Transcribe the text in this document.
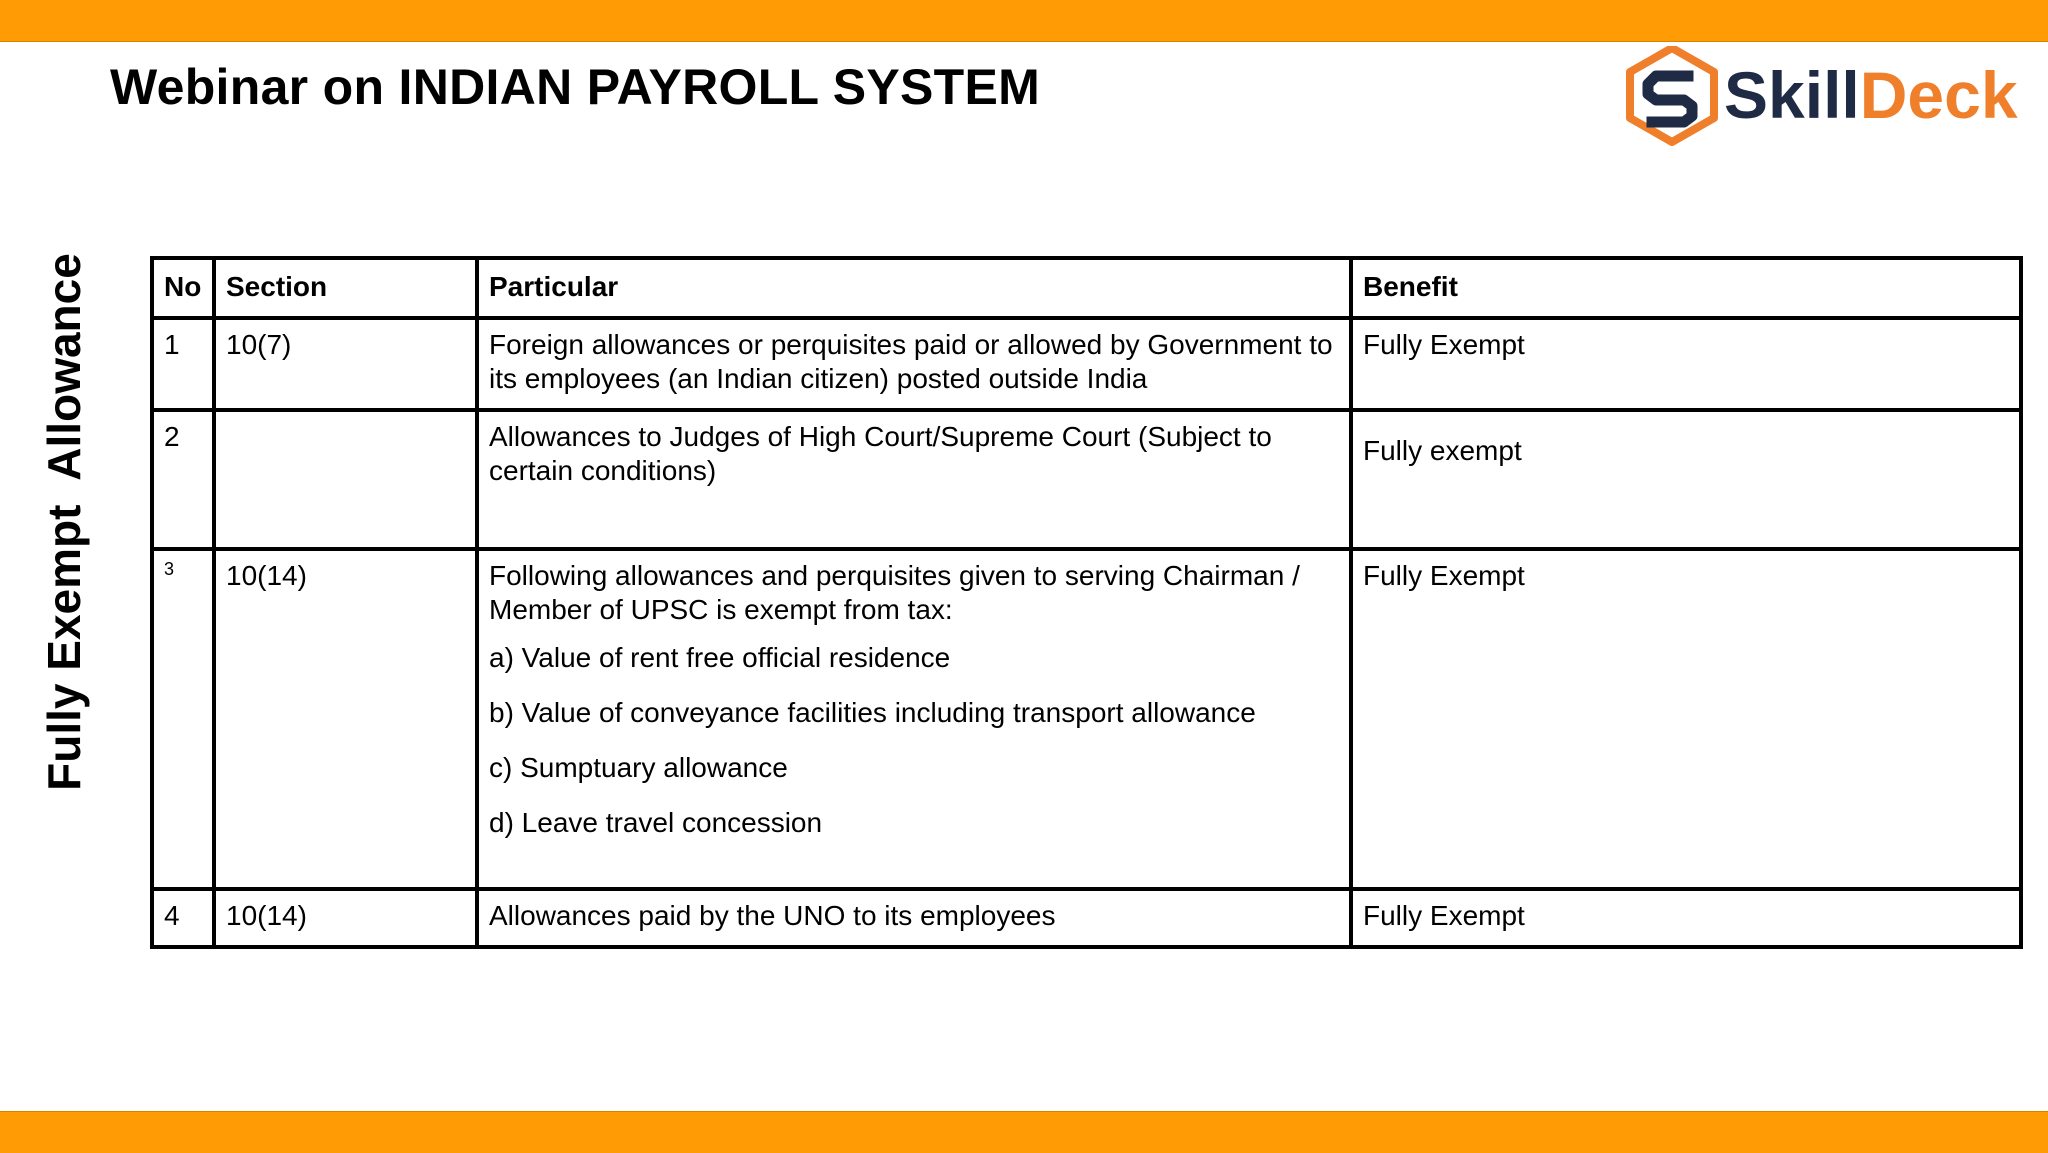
Webinar on INDIAN PAYROLL SYSTEM	SkillDeck
Fully Exempt  Allowance	No	Section	Particular	Benefit
1	10(7)	Foreign allowances or perquisites paid or allowed by Government to its employees (an Indian citizen) posted outside India	Fully Exempt
2		Allowances to Judges of High Court/Supreme Court (Subject to certain conditions)	Fully exempt
3	10(14)	Following allowances and perquisites given to serving Chairman / Member of UPSC is exempt from tax:

a) Value of rent free official residence

b) Value of conveyance facilities including transport allowance

c) Sumptuary allowance

d) Leave travel concession	Fully Exempt
4	10(14)	Allowances paid by the UNO to its employees	Fully Exempt
